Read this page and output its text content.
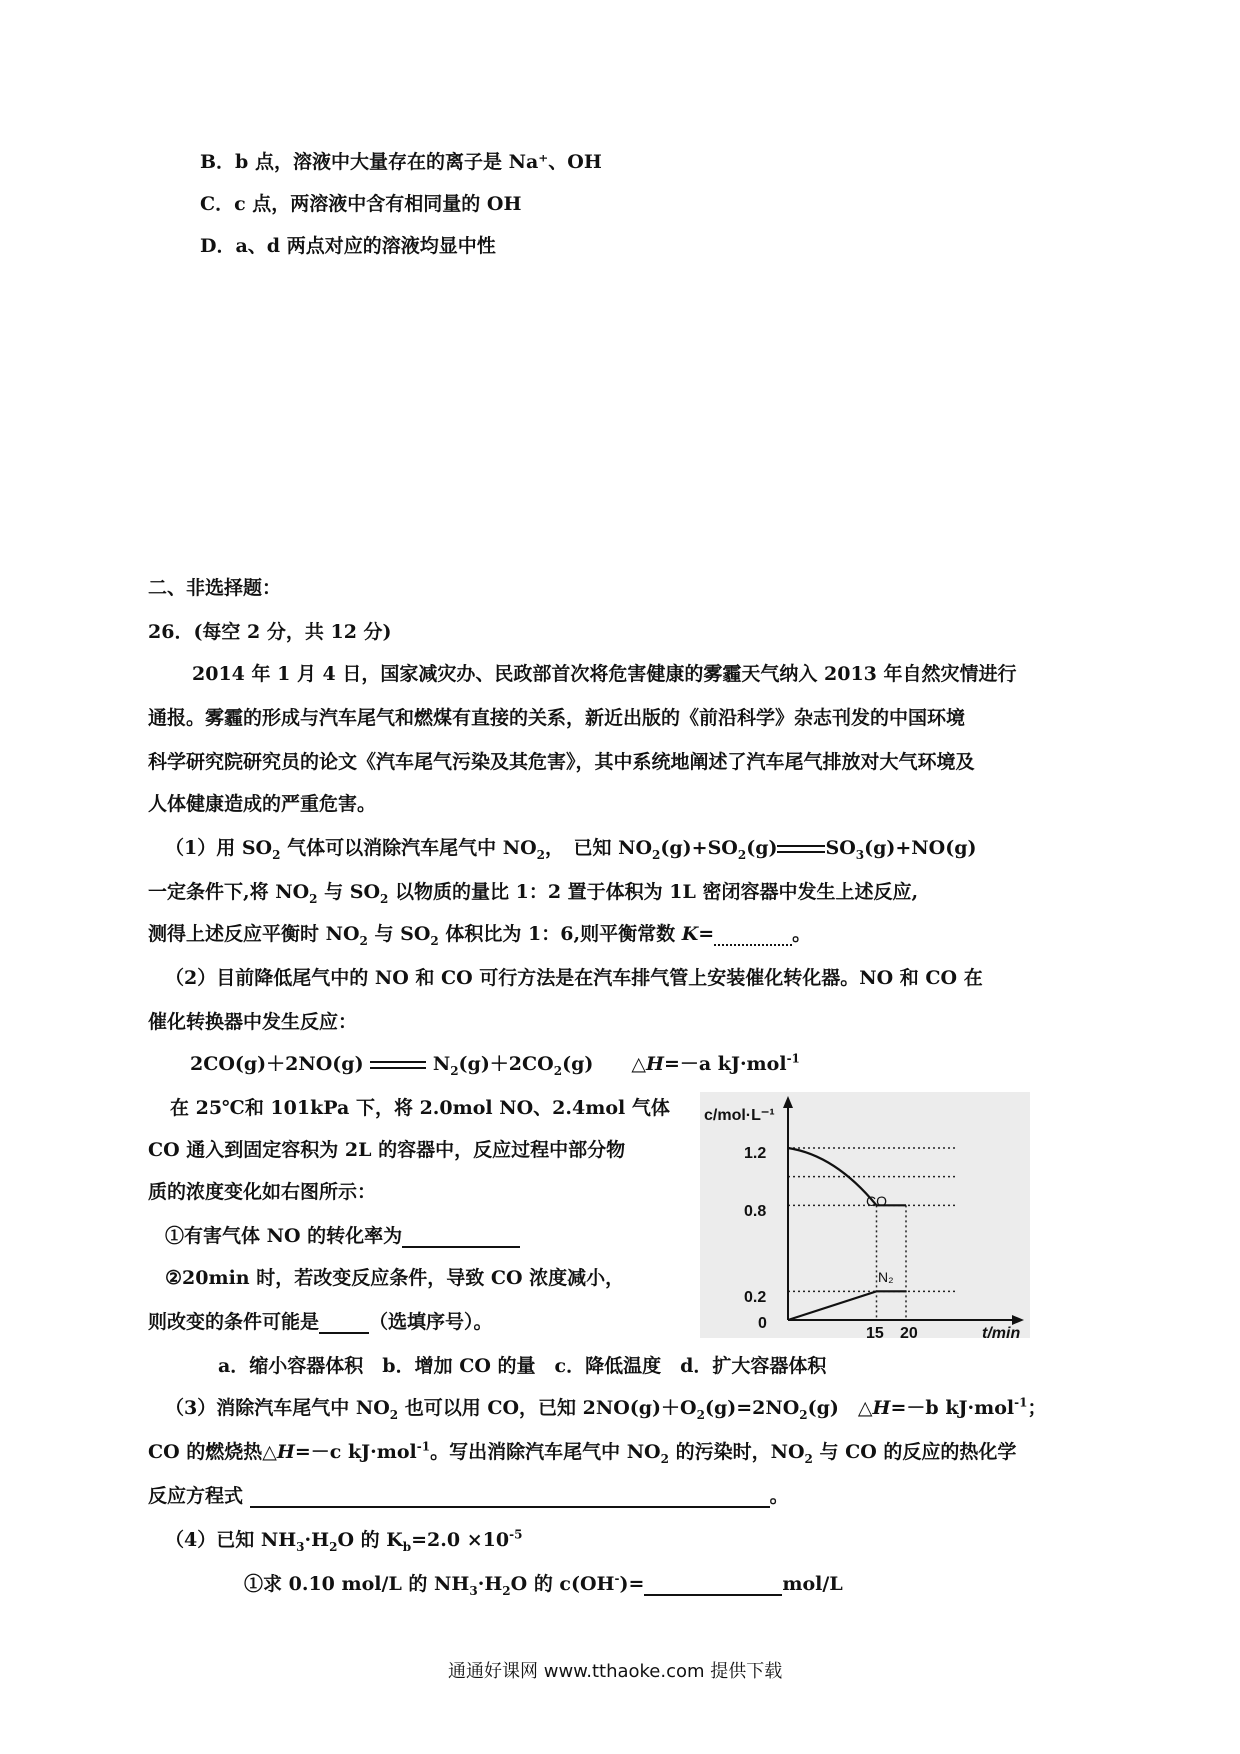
B．b 点，溶液中大量存在的离子是 Na⁺、OH
C．c 点，两溶液中含有相同量的 OH
D．a、d 两点对应的溶液均显中性
二、非选择题：
26．(每空 2 分，共 12 分)
2014 年 1 月 4 日，国家减灾办、民政部首次将危害健康的雾霾天气纳入 2013 年自然灾情进行
通报。雾霾的形成与汽车尾气和燃煤有直接的关系，新近出版的《前沿科学》杂志刊发的中国环境
科学研究院研究员的论文《汽车尾气污染及其危害》，其中系统地阐述了汽车尾气排放对大气环境及
人体健康造成的严重危害。
（1）用 $SO_2$ 气体可以消除汽车尾气中 $NO_2$，　已知 $NO_2(g)+SO_2(g)$	$SO_3(g)+NO(g)$
一定条件下,将 $NO_2$ 与 $SO_2$ 以物质的量比 1：2 置于体积为 1L 密闭容器中发生上述反应,
测得上述反应平衡时 $NO_2$ 与 $SO_2$ 体积比为 1：6,则平衡常数 K=	。
（2）目前降低尾气中的 NO 和 CO 可行方法是在汽车排气管上安装催化转化器。NO 和 CO 在
催化转换器中发生反应：
2CO(g)＋2NO(g)	$N_2(g)+2CO_2(g)$　　 △H=－a kJ·mol$^{-1}$
在 25℃和 101kPa 下，将 2.0mol NO、2.4mol 气体
CO 通入到固定容积为 2L 的容器中，反应过程中部分物
质的浓度变化如右图所示：
①有害气体 NO 的转化率为
②20min 时，若改变反应条件，导致 CO 浓度减小，
则改变的条件可能是	（选填序号）。
a．缩小容器体积　b．增加 CO 的量　c．降低温度　d．扩大容器体积
c/mol·L⁻¹
t/min
1.2
0.8
0.2
0
15 20
CO
N₂
（3）消除汽车尾气中 $NO_2$ 也可以用 CO，已知 $2NO(g)+O_2(g)=2NO_2(g)$　△H=－b kJ·mol$^{-1}$；
CO 的燃烧热△H=－c kJ·mol$^{-1}$。写出消除汽车尾气中 $NO_2$ 的污染时，$NO_2$ 与 CO 的反应的热化学
反应方程式	。
（4）已知 $NH_3\cdot H_2O$ 的 $K_b=2.0 \times 10^{-5}$
①求 0.10 mol/L 的 $NH_3\cdot H_2O$ 的 c(OH-)=	mol/L
通通好课网 www.tthaoke.com 提供下载
